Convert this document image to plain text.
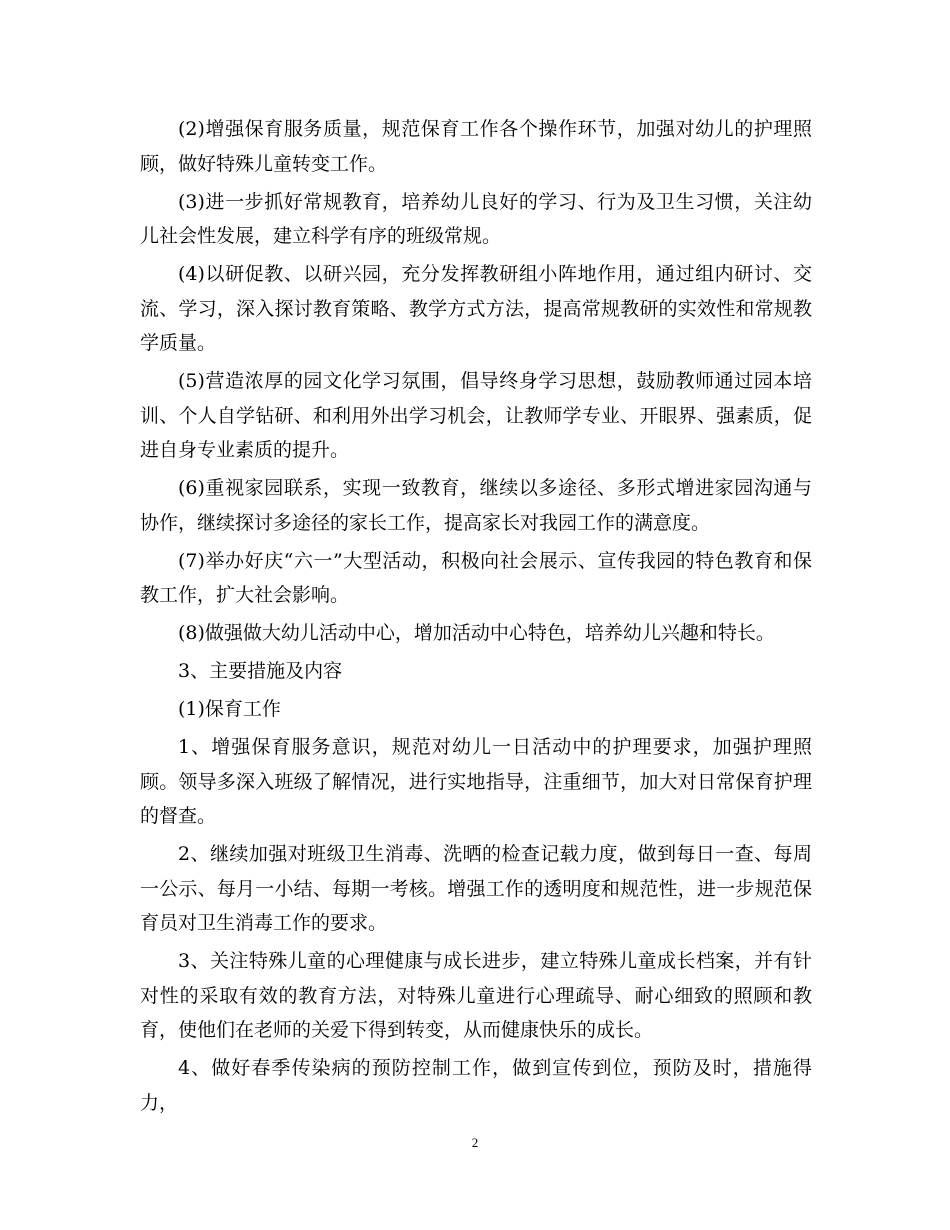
(2)增强保育服务质量，规范保育工作各个操作环节，加强对幼儿的护理照顾，做好特殊儿童转变工作。

(3)进一步抓好常规教育，培养幼儿良好的学习、行为及卫生习惯，关注幼儿社会性发展，建立科学有序的班级常规。

(4)以研促教、以研兴园，充分发挥教研组小阵地作用，通过组内研讨、交流、学习，深入探讨教育策略、教学方式方法，提高常规教研的实效性和常规教学质量。

(5)营造浓厚的园文化学习氛围，倡导终身学习思想，鼓励教师通过园本培训、个人自学钻研、和利用外出学习机会，让教师学专业、开眼界、强素质，促进自身专业素质的提升。

(6)重视家园联系，实现一致教育，继续以多途径、多形式增进家园沟通与协作，继续探讨多途径的家长工作，提高家长对我园工作的满意度。

(7)举办好庆“六一”大型活动，积极向社会展示、宣传我园的特色教育和保教工作，扩大社会影响。

(8)做强做大幼儿活动中心，增加活动中心特色，培养幼儿兴趣和特长。

3、主要措施及内容

(1)保育工作

1、增强保育服务意识，规范对幼儿一日活动中的护理要求，加强护理照顾。领导多深入班级了解情况，进行实地指导，注重细节，加大对日常保育护理的督查。

2、继续加强对班级卫生消毒、洗晒的检查记载力度，做到每日一查、每周一公示、每月一小结、每期一考核。增强工作的透明度和规范性，进一步规范保育员对卫生消毒工作的要求。

3、关注特殊儿童的心理健康与成长进步，建立特殊儿童成长档案，并有针对性的采取有效的教育方法，对特殊儿童进行心理疏导、耐心细致的照顾和教育，使他们在老师的关爱下得到转变，从而健康快乐的成长。

4、做好春季传染病的预防控制工作，做到宣传到位，预防及时，措施得力，

2
